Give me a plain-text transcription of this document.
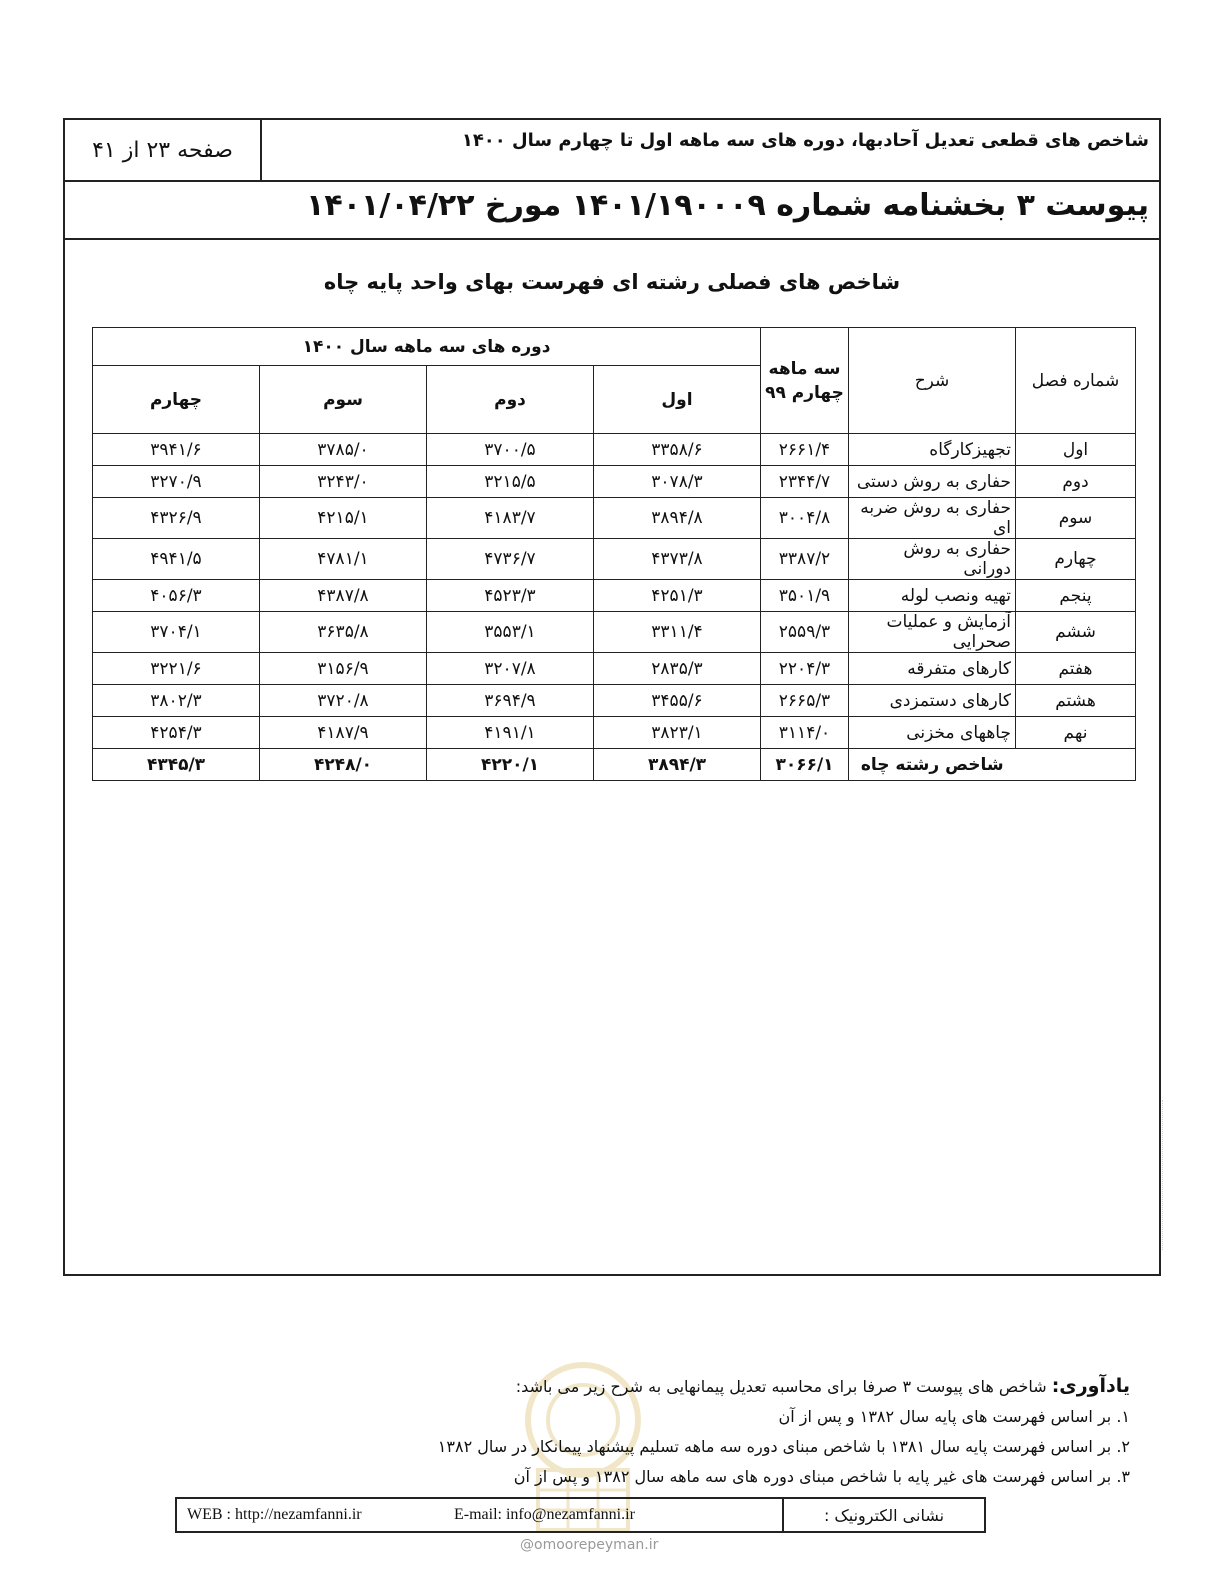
شاخص های قطعی تعدیل آحادبها، دوره های سه ماهه اول تا چهارم سال ۱۴۰۰
صفحه ۲۳ از ۴۱
پیوست ۳ بخشنامه شماره ۱۴۰۱/۱۹۰۰۰۹ مورخ ۱۴۰۱/۰۴/۲۲
شاخص های فصلی رشته ای فهرست بهای واحد پایه چاه
شماره فصل	شرح	سه ماهه چهارم ۹۹	دوره های سه ماهه سال ۱۴۰۰			
			اول	دوم	سوم	چهارم
اول	تجهیزکارگاه	۲۶۶۱/۴	۳۳۵۸/۶	۳۷۰۰/۵	۳۷۸۵/۰	۳۹۴۱/۶
دوم	حفاری به روش دستی	۲۳۴۴/۷	۳۰۷۸/۳	۳۲۱۵/۵	۳۲۴۳/۰	۳۲۷۰/۹
سوم	حفاری به روش ضربه ای	۳۰۰۴/۸	۳۸۹۴/۸	۴۱۸۳/۷	۴۲۱۵/۱	۴۳۲۶/۹
چهارم	حفاری به روش دورانی	۳۳۸۷/۲	۴۳۷۳/۸	۴۷۳۶/۷	۴۷۸۱/۱	۴۹۴۱/۵
پنجم	تهیه ونصب لوله	۳۵۰۱/۹	۴۲۵۱/۳	۴۵۲۳/۳	۴۳۸۷/۸	۴۰۵۶/۳
ششم	آزمایش و عملیات صحرایی	۲۵۵۹/۳	۳۳۱۱/۴	۳۵۵۳/۱	۳۶۳۵/۸	۳۷۰۴/۱
هفتم	کارهای متفرقه	۲۲۰۴/۳	۲۸۳۵/۳	۳۲۰۷/۸	۳۱۵۶/۹	۳۲۲۱/۶
هشتم	کارهای دستمزدی	۲۶۶۵/۳	۳۴۵۵/۶	۳۶۹۴/۹	۳۷۲۰/۸	۳۸۰۲/۳
نهم	چاههای مخزنی	۳۱۱۴/۰	۳۸۲۳/۱	۴۱۹۱/۱	۴۱۸۷/۹	۴۲۵۴/۳
	شاخص رشته چاه	۳۰۶۶/۱	۳۸۹۴/۳	۴۲۲۰/۱	۴۲۴۸/۰	۴۳۴۵/۳
یادآوری: شاخص های پیوست ۳ صرفا برای محاسبه تعدیل پیمانهایی به شرح زیر می باشد:
۱. بر اساس فهرست های پایه سال ۱۳۸۲ و پس از آن
۲. بر اساس فهرست پایه سال ۱۳۸۱ با شاخص مبنای دوره سه ماهه تسلیم پیشنهاد پیمانکار در سال ۱۳۸۲
۳. بر اساس فهرست های غیر پایه با شاخص مبنای دوره های سه ماهه سال ۱۳۸۲ و پس از آن
WEB : http://nezamfanni.ir	E-mail: info@nezamfanni.ir	نشانی الکترونیک :
@omoorepeyman.ir
